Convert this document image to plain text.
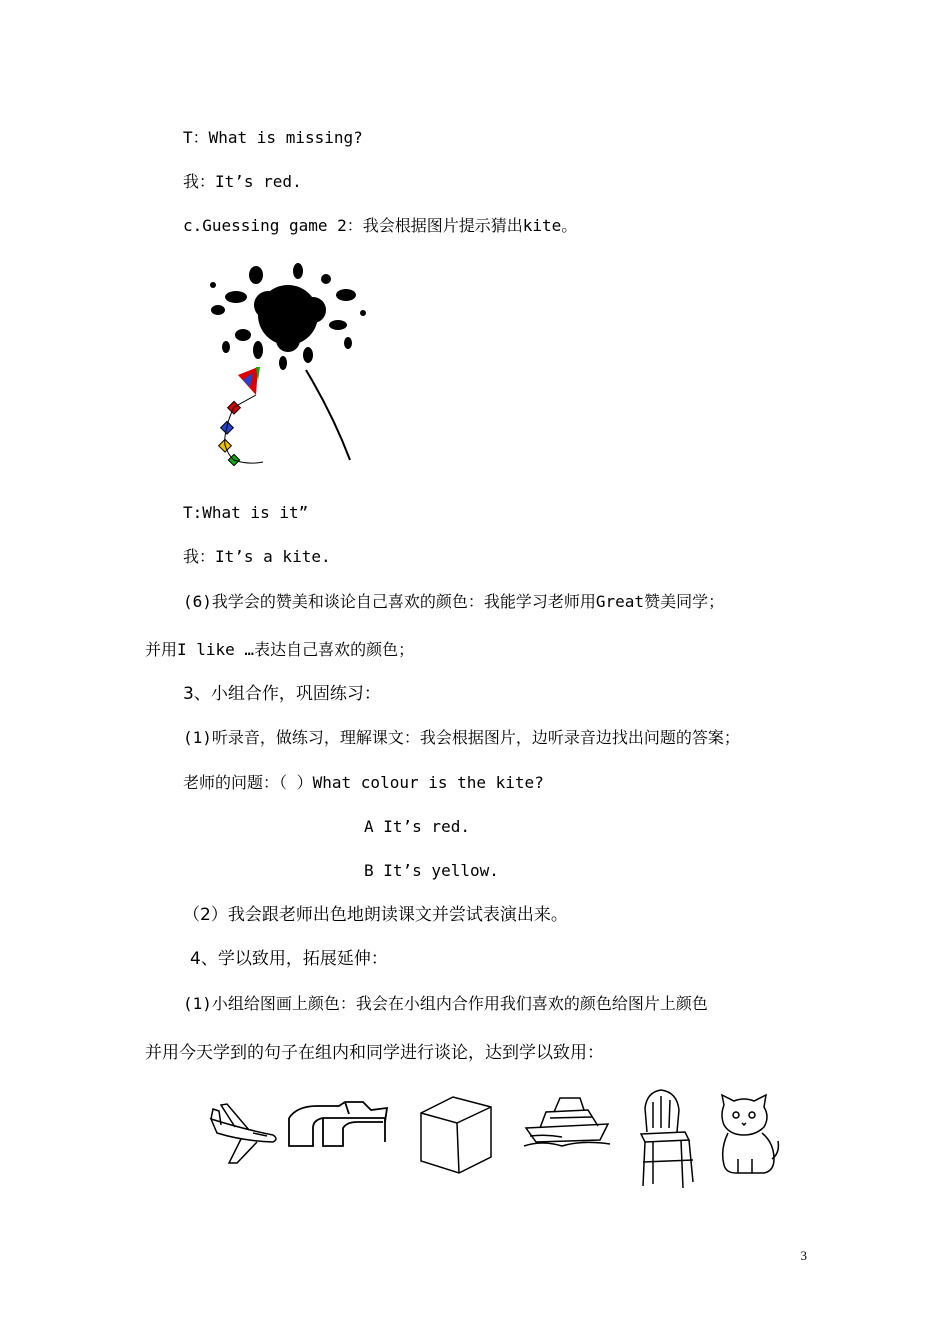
T：What is missing?
我：It’s red.
c.Guessing game 2：我会根据图片提示猜出kite。
T:What is it”
我：It’s a kite.
(6)我学会的赞美和谈论自己喜欢的颜色：我能学习老师用Great赞美同学；
并用I like …表达自己喜欢的颜色；
3、小组合作，巩固练习：
(1)听录音，做练习，理解课文：我会根据图片，边听录音边找出问题的答案；
老师的问题：（ ）What colour is the kite?
A It’s red.
B It’s yellow.
（2）我会跟老师出色地朗读课文并尝试表演出来。
4、学以致用，拓展延伸：
(1)小组给图画上颜色：我会在小组内合作用我们喜欢的颜色给图片上颜色
并用今天学到的句子在组内和同学进行谈论，达到学以致用：
3
